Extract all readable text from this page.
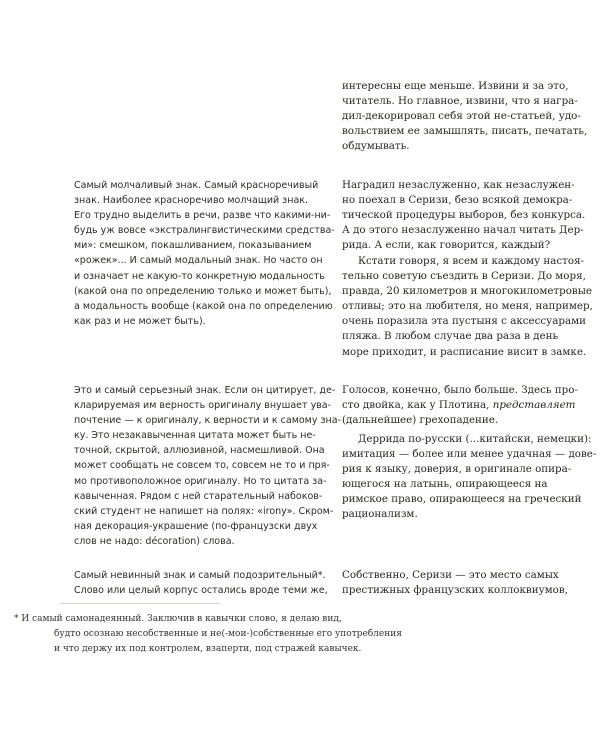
интересны еще меньше. Извини и за это,
читатель. Но главное, извини, что я награ-
дил-декорировал себя этой не-статьей, удо-
вольствием ее замышлять, писать, печатать,
обдумывать.
Наградил незаслуженно, как незаслужен-
но поехал в Серизи, безо всякой демокра-
тической процедуры выборов, без конкурса.
А до этого незаслуженно начал читать Дер-
рида. А если, как говорится, каждый?
Кстати говоря, я всем и каждому настоя-
тельно советую съездить в Серизи. До моря,
правда, 20 километров и многокилометровые
отливы; это на любителя, но меня, например,
очень поразила эта пустыня с аксессуарами
пляжа. В любом случае два раза в день
море приходит, и расписание висит в замке.
Голосов, конечно, было больше. Здесь про-
сто двойка, как у Плотина, представляет
(дальнейшее) грехопадение.
Деррида по-русски (...китайски, немецки):
имитация — более или менее удачная — дове-
рия к языку, доверия, в оригинале опира-
ющегося на латынь, опирающееся на
римское право, опирающееся на греческий
рационализм.
Собственно, Серизи — это место самых
престижных французских коллоквиумов,
Самый молчаливый знак. Самый красноречивый
знак. Наиболее красноречиво молчащий знак.
Его трудно выделить в речи, разве что какими-ни-
будь уж вовсе «экстралингвистическими средства-
ми»: смешком, покашливанием, показыванием
«рожек»... И самый модальный знак. Но часто он
и означает не какую-то конкретную модальность
(какой она по определению только и может быть),
а модальность вообще (какой она по определению
как раз и не может быть).
Это и самый серьезный знак. Если он цитирует, де-
кларируемая им верность оригиналу внушает ува-
почтение — к оригиналу, к верности и к самому зна-
ку. Это незакавыченная цитата может быть не-
точной, скрытой, аллюзивной, насмешливой. Она
может сообщать не совсем то, совсем не то и пря-
мо противоположное оригиналу. Но то цитата за-
кавыченная. Рядом с ней старательный набоков-
ский студент не напишет на полях: «irony». Скром-
ная декорация-украшение (по-французски двух
слов не надо: décoration) слова.
Самый невинный знак и самый подозрительный*.
Слово или целый корпус остались вроде теми же,
* И самый самонадеянный. Заключив в кавычки слово, я делаю вид,
будто осознаю несобственные и не(-мои-)собственные его употребления
и что держу их под контролем, взаперти, под стражей кавычек.
